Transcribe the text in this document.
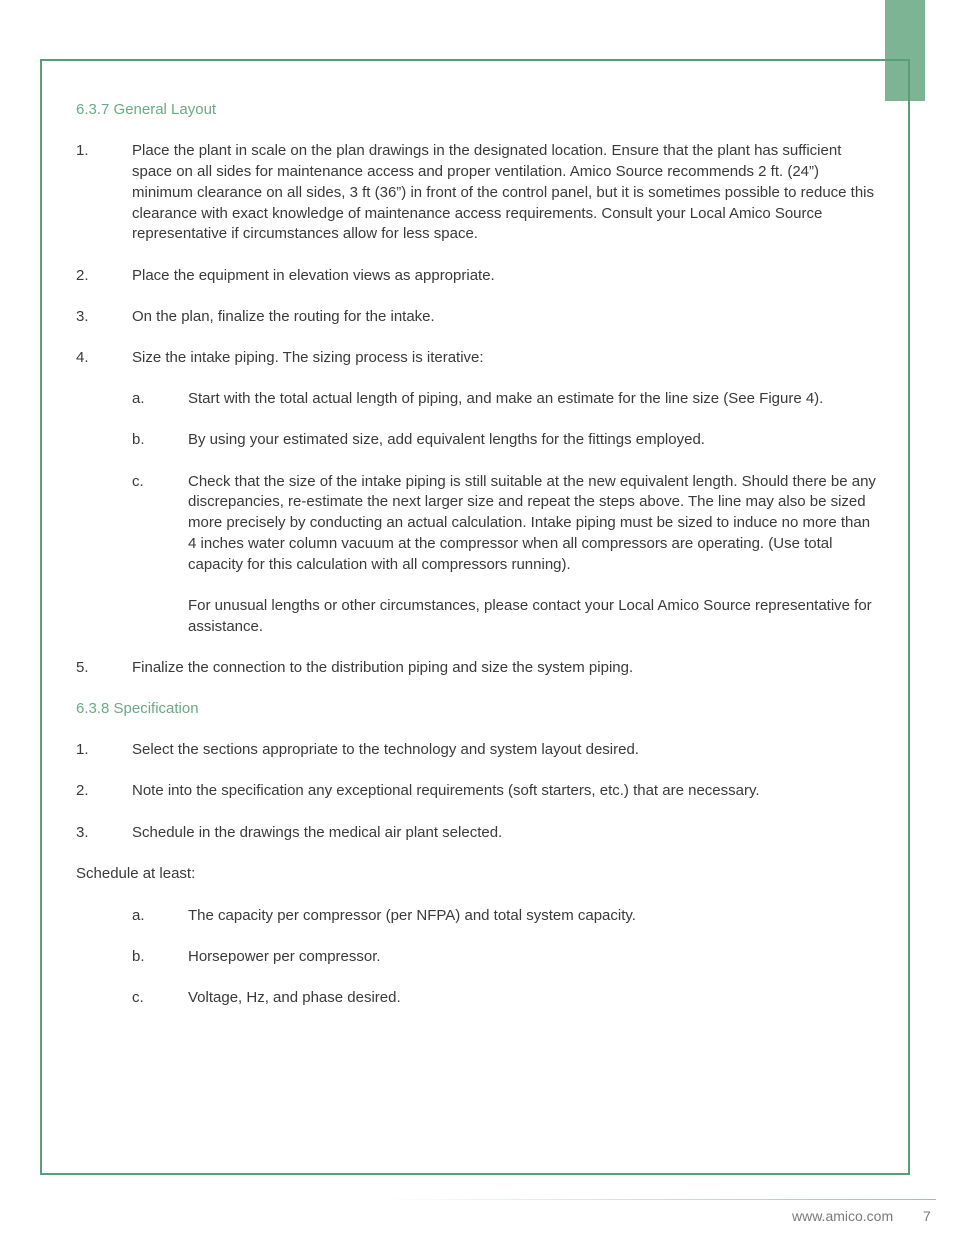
6.3.7 General Layout

1.	Place the plant in scale on the plan drawings in the designated location. Ensure that the plant has sufficient space on all sides for maintenance access and proper ventilation. Amico Source recommends 2 ft. (24”) minimum clearance on all sides, 3 ft (36”) in front of the control panel, but it is sometimes possible to reduce this clearance with exact knowledge of maintenance access requirements. Consult your Local Amico Source representative if circumstances allow for less space.
2.	Place the equipment in elevation views as appropriate.
3.	On the plan, finalize the routing for the intake.
4.	Size the intake piping. The sizing process is iterative:
a.	Start with the total actual length of piping, and make an estimate for the line size (See Figure 4).
b.	By using your estimated size, add equivalent lengths for the fittings employed.
c.	Check that the size of the intake piping is still suitable at the new equivalent length. Should there be any discrepancies, re-estimate the next larger size and repeat the steps above. The line may also be sized more precisely by conducting an actual calculation. Intake piping must be sized to induce no more than 4 inches water column vacuum at the compressor when all compressors are operating. (Use total capacity for this calculation with all compressors running).
For unusual lengths or other circumstances, please contact your Local Amico Source representative for assistance.
5.	Finalize the connection to the distribution piping and size the system piping.

6.3.8 Specification

1.	Select the sections appropriate to the technology and system layout desired.
2.	Note into the specification any exceptional requirements (soft starters, etc.) that are necessary.
3.	Schedule in the drawings the medical air plant selected.
Schedule at least:
a.	The capacity per compressor (per NFPA) and total system capacity.
b.	Horsepower per compressor.
c.	Voltage, Hz, and phase desired.
www.amico.com 7
